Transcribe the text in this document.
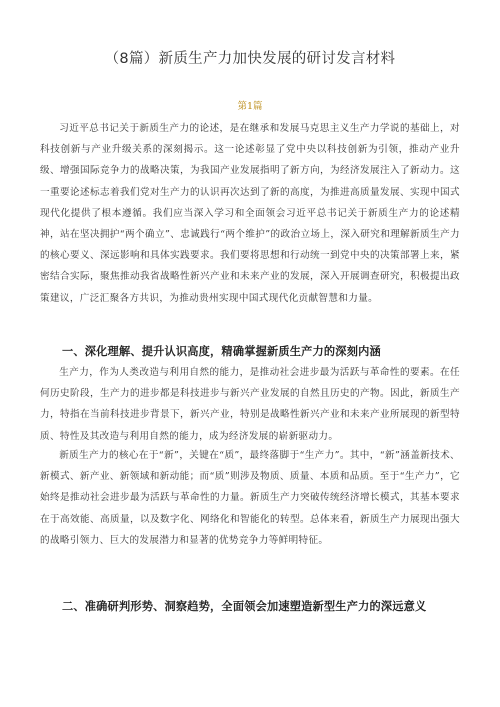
（8篇）新质生产力加快发展的研讨发言材料
第1篇

习近平总书记关于新质生产力的论述，是在继承和发展马克思主义生产力学说的基础上，对科技创新与产业升级关系的深刻揭示。这一论述彰显了党中央以科技创新为引领，推动产业升级、增强国际竞争力的战略决策，为我国产业发展指明了新方向，为经济发展注入了新动力。这一重要论述标志着我们党对生产力的认识再次达到了新的高度，为推进高质量发展、实现中国式现代化提供了根本遵循。我们应当深入学习和全面领会习近平总书记关于新质生产力的论述精神，站在坚决拥护“两个确立”、忠诚践行“两个维护”的政治立场上，深入研究和理解新质生产力的核心要义、深远影响和具体实践要求。我们要将思想和行动统一到党中央的决策部署上来，紧密结合实际，聚焦推动我省战略性新兴产业和未来产业的发展，深入开展调查研究，积极提出政策建议，广泛汇聚各方共识，为推动贵州实现中国式现代化贡献智慧和力量。

一、深化理解、提升认识高度，精确掌握新质生产力的深刻内涵

生产力，作为人类改造与利用自然的能力，是推动社会进步最为活跃与革命性的要素。在任何历史阶段，生产力的进步都是科技进步与新兴产业发展的自然且历史的产物。因此，新质生产力，特指在当前科技进步背景下，新兴产业，特别是战略性新兴产业和未来产业所展现的新型特质、特性及其改造与利用自然的能力，成为经济发展的崭新驱动力。

新质生产力的核心在于“新”，关键在“质”，最终落脚于“生产力”。其中，“新”涵盖新技术、新模式、新产业、新领域和新动能；而“质”则涉及物质、质量、本质和品质。至于“生产力”，它始终是推动社会进步最为活跃与革命性的力量。新质生产力突破传统经济增长模式，其基本要求在于高效能、高质量，以及数字化、网络化和智能化的转型。总体来看，新质生产力展现出强大的战略引领力、巨大的发展潜力和显著的优势竞争力等鲜明特征。

二、准确研判形势、洞察趋势，全面领会加速塑造新型生产力的深远意义
